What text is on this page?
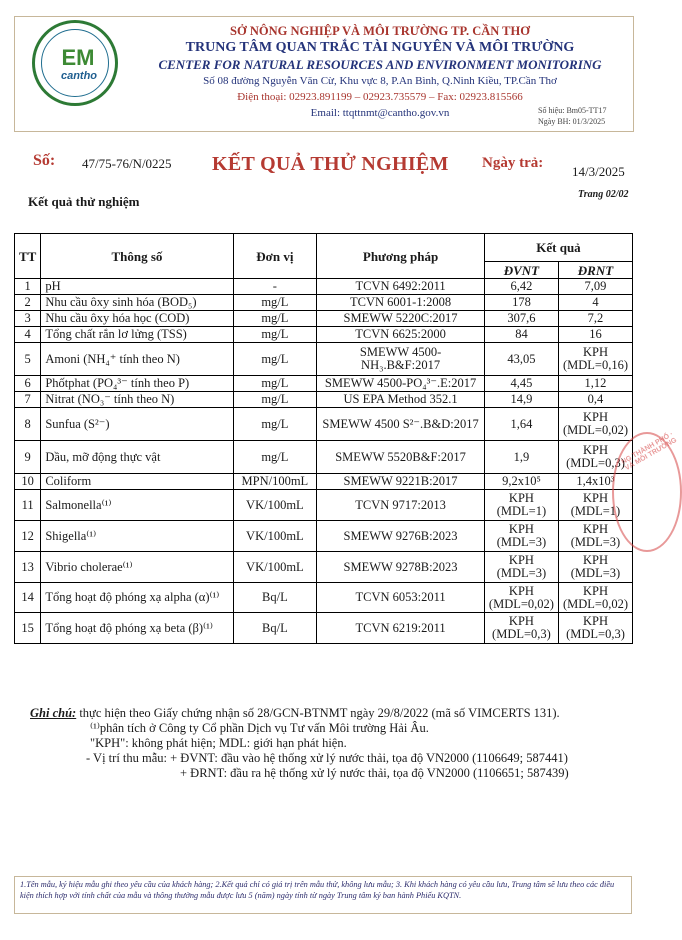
EM
cantho
SỞ NÔNG NGHIỆP VÀ MÔI TRƯỜNG TP. CẦN THƠ
TRUNG TÂM QUAN TRẮC TÀI NGUYÊN VÀ MÔI TRƯỜNG
CENTER FOR NATURAL RESOURCES AND ENVIRONMENT MONITORING
Số 08 đường Nguyễn Văn Cừ, Khu vực 8, P.An Bình, Q.Ninh Kiều, TP.Cần Thơ
Điện thoại: 02923.891199 – 02923.735579 – Fax: 02923.815566
Email: ttqttnmt@cantho.gov.vn	Số hiệu: Bm05-TT17
Ngày BH: 01/3/2025
Số: 47/75-76/N/0225 KẾT QUẢ THỬ NGHIỆM Ngày trả:
14/3/2025
Kết quả thử nghiệm	Trang 02/02
TT	Thông số	Đơn vị	Phương pháp	Kết quả	
				ĐVNT	ĐRNT
1	pH	-	TCVN 6492:2011	6,42	7,09
2	Nhu cầu ôxy sinh hóa (BOD₅)	mg/L	TCVN 6001-1:2008	178	4
3	Nhu cầu ôxy hóa học (COD)	mg/L	SMEWW 5220C:2017	307,6	7,2
4	Tổng chất rắn lơ lửng (TSS)	mg/L	TCVN 6625:2000	84	16
5	Amoni (NH₄⁺ tính theo N)	mg/L	SMEWW 4500-NH₃.B&F:2017	43,05	KPH (MDL=0,16)
6	Phốtphat (PO₄³⁻ tính theo P)	mg/L	SMEWW 4500-PO₄³⁻.E:2017	4,45	1,12
7	Nitrat (NO₃⁻ tính theo N)	mg/L	US EPA Method 352.1	14,9	0,4
8	Sunfua (S²⁻)	mg/L	SMEWW 4500 S²⁻.B&D:2017	1,64	KPH (MDL=0,02)
9	Dầu, mỡ động thực vật	mg/L	SMEWW 5520B&F:2017	1,9	KPH (MDL=0,3)
10	Coliform	MPN/100mL	SMEWW 9221B:2017	9,2x10⁵	1,4x10³
11	Salmonella⁽¹⁾	VK/100mL	TCVN 9717:2013	KPH (MDL=1)	KPH (MDL=1)
12	Shigella⁽¹⁾	VK/100mL	SMEWW 9276B:2023	KPH (MDL=3)	KPH (MDL=3)
13	Vibrio cholerae⁽¹⁾	VK/100mL	SMEWW 9278B:2023	KPH (MDL=3)	KPH (MDL=3)
14	Tổng hoạt độ phóng xạ alpha (α)⁽¹⁾	Bq/L	TCVN 6053:2011	KPH (MDL=0,02)	KPH (MDL=0,02)
15	Tổng hoạt độ phóng xạ beta (β)⁽¹⁾	Bq/L	TCVN 6219:2011	KPH (MDL=0,3)	KPH (MDL=0,3)
NG THÀNH PHỐ · VÀ MÔI TRƯỜNG
Ghi chú: thực hiện theo Giấy chứng nhận số 28/GCN-BTNMT ngày 29/8/2022 (mã số VIMCERTS 131).
⁽¹⁾phân tích ở Công ty Cổ phần Dịch vụ Tư vấn Môi trường Hải Âu.
"KPH": không phát hiện; MDL: giới hạn phát hiện.
- Vị trí thu mẫu: + ĐVNT: đầu vào hệ thống xử lý nước thải, tọa độ VN2000 (1106649; 587441)
+ ĐRNT: đầu ra hệ thống xử lý nước thải, tọa độ VN2000 (1106651; 587439)
1.Tên mẫu, ký hiệu mẫu ghi theo yêu cầu của khách hàng; 2.Kết quả chỉ có giá trị trên mẫu thử, không lưu mẫu; 3. Khi khách hàng có yêu cầu lưu, Trung tâm sẽ lưu theo các điều kiện thích hợp với tính chất của mẫu và thông thường mẫu được lưu 5 (năm) ngày tính từ ngày Trung tâm ký ban hành Phiếu KQTN.
